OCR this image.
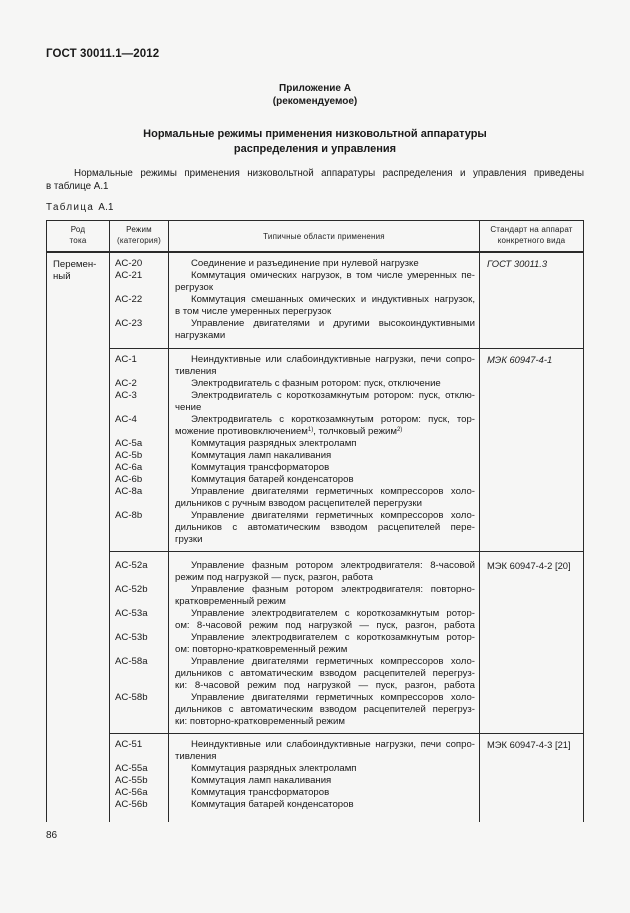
ГОСТ 30011.1—2012
Приложение А
(рекомендуемое)
Нормальные режимы применения низковольтной аппаратуры
распределения и управления
Нормальные режимы применения низковольтной аппаратуры распределения и управления приведены
в таблице А.1
Таблица А.1
Род
тока
Режим
(категория)	Типичные области применения
Стандарт на аппарат
конкретного вида
Перемен-
ный
AC-20
AC-21
AC-22
AC-23
Соединение и разъединение при нулевой нагрузке
Коммутация омических нагрузок, в том числе умеренных пе-
регрузок
Коммутация смешанных омических и индуктивных нагрузок,
в том числе умеренных перегрузок
Управление двигателями и другими высокоиндуктивными
нагрузками
ГОСТ 30011.3
AC-1
AC-2
AC-3
AC-4
AC-5a
AC-5b
AC-6a
AC-6b
AC-8a
AC-8b
Неиндуктивные или слабоиндуктивные нагрузки, печи сопро-
тивления
Электродвигатель с фазным ротором: пуск, отключение
Электродвигатель с короткозамкнутым ротором: пуск, отклю-
чение
Электродвигатель с короткозамкнутым ротором: пуск, тор-
можение противовключением$^{1)}$, толчковый режим$^{2)}$
Коммутация разрядных электроламп
Коммутация ламп накаливания
Коммутация трансформаторов
Коммутация батарей конденсаторов
Управление двигателями герметичных компрессоров холо-
дильников с ручным взводом расцепителей перегрузки
Управление двигателями герметичных компрессоров холо-
дильников с автоматическим взводом расцепителей пере-
грузки
МЭК 60947-4-1
AC-52a
AC-52b
AC-53a
AC-53b
AC-58a
AC-58b
Управление фазным ротором электродвигателя: 8-часовой
режим под нагрузкой — пуск, разгон, работа
Управление фазным ротором электродвигателя: повторно-
кратковременный режим
Управление электродвигателем с короткозамкнутым ротор-
ом: 8-часовой режим под нагрузкой — пуск, разгон, работа
Управление электродвигателем с короткозамкнутым ротор-
ом: повторно-кратковременный режим
Управление двигателями герметичных компрессоров холо-
дильников с автоматическим взводом расцепителей перегруз-
ки: 8-часовой режим под нагрузкой — пуск, разгон, работа
Управление двигателями герметичных компрессоров холо-
дильников с автоматическим взводом расцепителей перегруз-
ки: повторно-кратковременный режим
МЭК 60947-4-2 [20]
AC-51
AC-55a
AC-55b
AC-56a
AC-56b
Неиндуктивные или слабоиндуктивные нагрузки, печи сопро-
тивления
Коммутация разрядных электроламп
Коммутация ламп накаливания
Коммутация трансформаторов
Коммутация батарей конденсаторов
МЭК 60947-4-3 [21]
86
